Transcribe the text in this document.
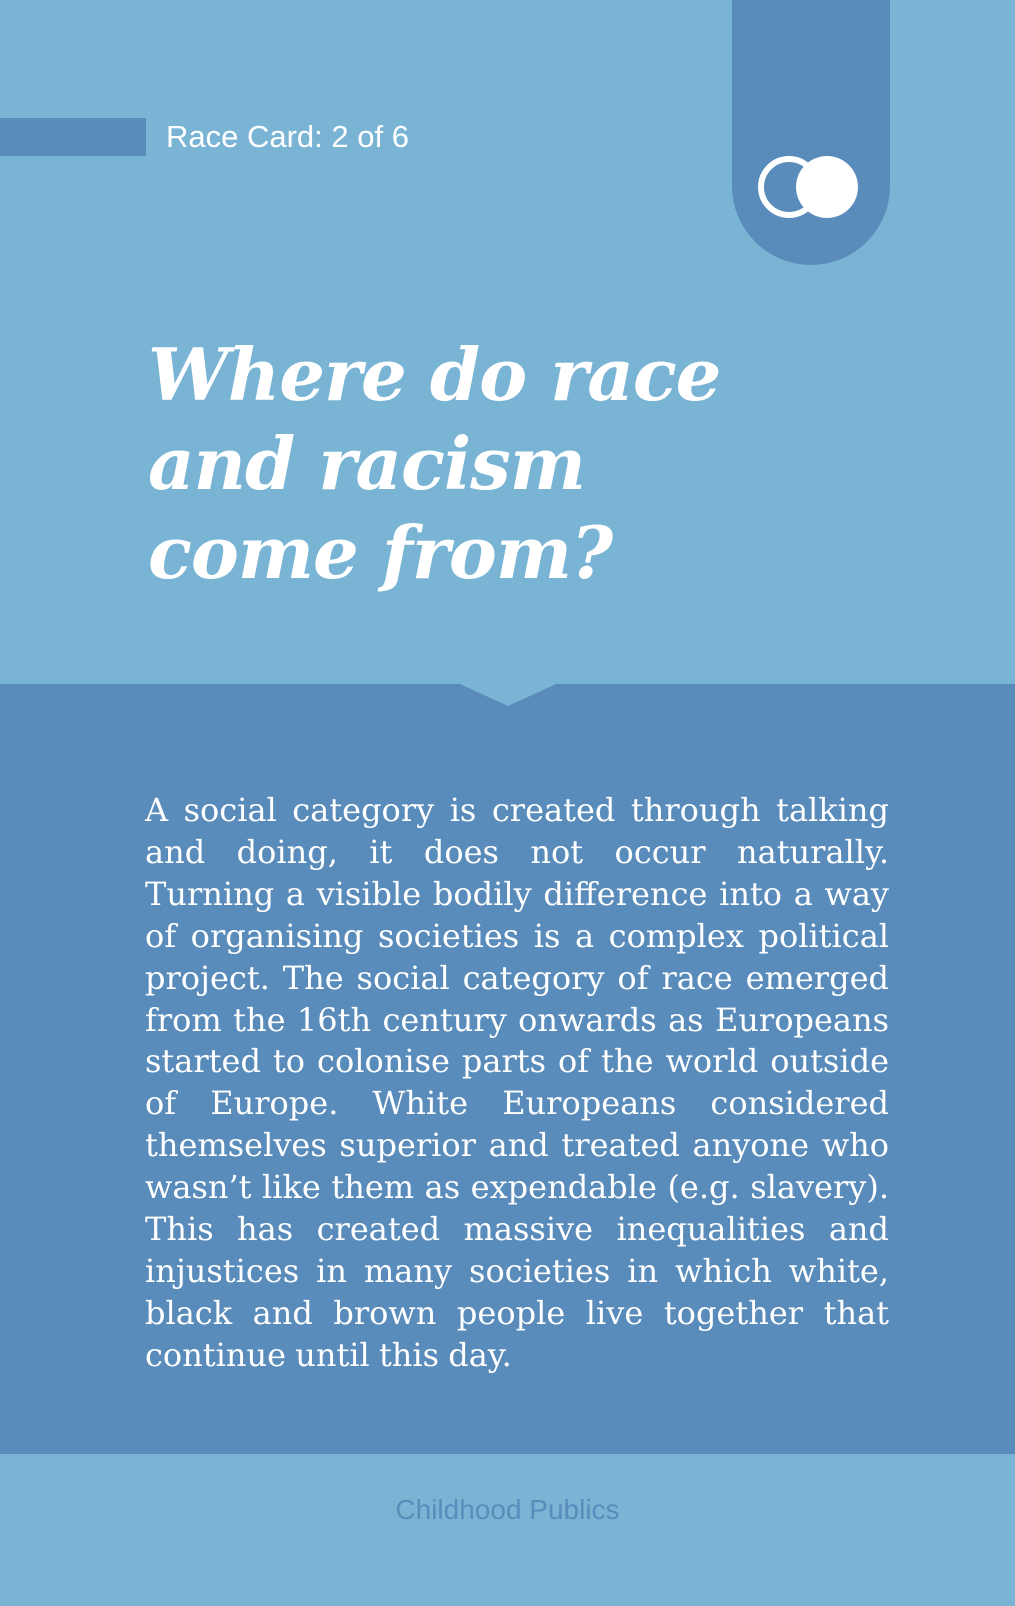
Race Card: 2 of 6
Where do race
and racism
come from?
A social category is created through talking and doing, it does not occur naturally. Turning a visible bodily difference into a way of organising societies is a complex political project. The social category of race emerged from the 16th century onwards as Europeans started to colonise parts of the world outside of Europe. White Europeans considered themselves superior and treated anyone who wasn’t like them as expendable (e.g. slavery). This has created massive inequalities and injustices in many societies in which white, black and brown people live together that continue until this day.
Childhood Publics
